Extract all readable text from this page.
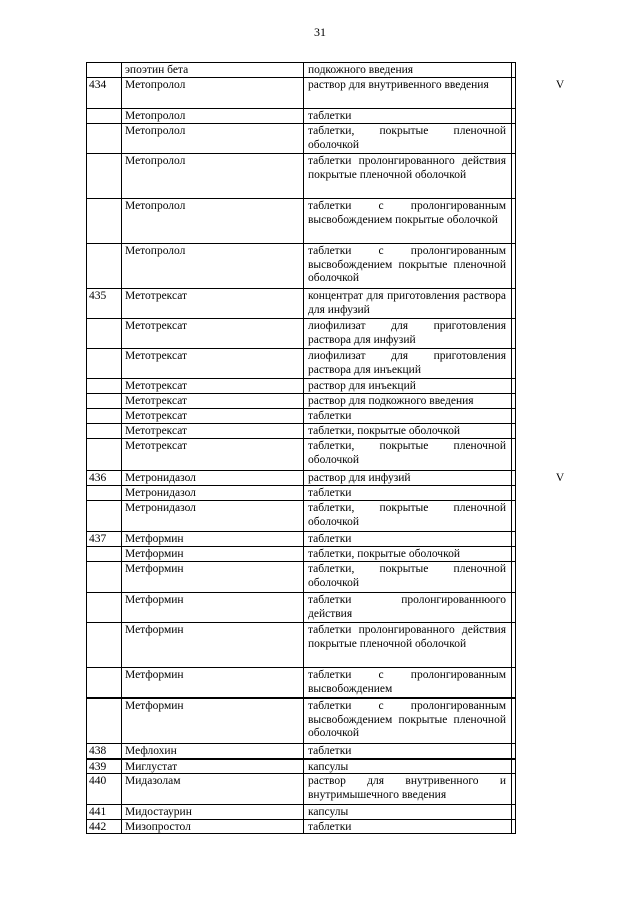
31
эпоэтин бета	подкожного введения
434	Метопролол	раствор для внутривенного введения	V
Метопролол	таблетки
Метопролол	таблетки, покрытые пленочной оболочкой
Метопролол	таблетки пролонгированного действия покрытые пленочной оболочкой
Метопролол	таблетки с пролонгированным высвобождением покрытые оболочкой
Метопролол	таблетки с пролонгированным высвобождением покрытые пленочной оболочкой
435	Метотрексат	концентрат для приготовления раствора для инфузий
Метотрексат	лиофилизат для приготовления раствора для инфузий
Метотрексат	лиофилизат для приготовления раствора для инъекций
Метотрексат	раствор для инъекций
Метотрексат	раствор для подкожного введения
Метотрексат	таблетки
Метотрексат	таблетки, покрытые оболочкой
Метотрексат	таблетки, покрытые пленочной оболочкой
436	Метронидазол	раствор для инфузий	V
Метронидазол	таблетки
Метронидазол	таблетки, покрытые пленочной оболочкой
437	Метформин	таблетки
Метформин	таблетки, покрытые оболочкой
Метформин	таблетки, покрытые пленочной оболочкой
Метформин	таблетки пролонгированнюого действия
Метформин	таблетки пролонгированного действия покрытые пленочной оболочкой
Метформин	таблетки с пролонгированным высвобождением
Метформин	таблетки с пролонгированным высвобождением покрытые пленочной оболочкой
438	Мефлохин	таблетки
439	Миглустат	капсулы
440	Мидазолам	раствор для внутривенного и внутримышечного введения
441	Мидостаурин	капсулы
442	Мизопростол	таблетки
